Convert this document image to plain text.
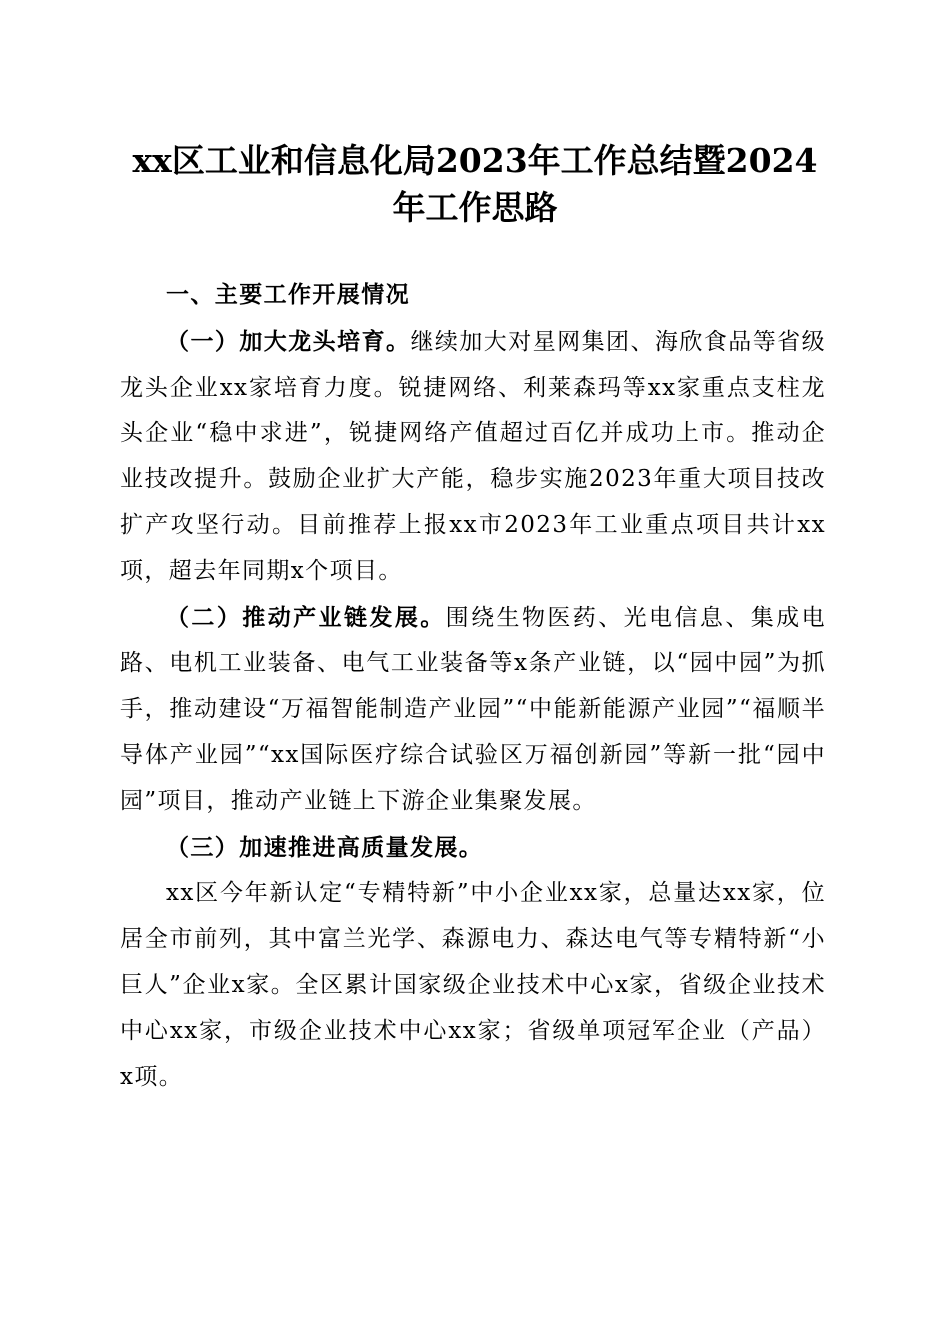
xx区工业和信息化局2023年工作总结暨2024
年工作思路

一、主要工作开展情况

（一）加大龙头培育。继续加大对星网集团、海欣食品等省级龙头企业xx家培育力度。锐捷网络、利莱森玛等xx家重点支柱龙头企业“稳中求进”，锐捷网络产值超过百亿并成功上市。推动企业技改提升。鼓励企业扩大产能，稳步实施2023年重大项目技改扩产攻坚行动。目前推荐上报xx市2023年工业重点项目共计xx项，超去年同期x个项目。

（二）推动产业链发展。围绕生物医药、光电信息、集成电路、电机工业装备、电气工业装备等x条产业链，以“园中园”为抓手，推动建设“万福智能制造产业园”“中能新能源产业园”“福顺半导体产业园”“xx国际医疗综合试验区万福创新园”等新一批“园中园”项目，推动产业链上下游企业集聚发展。

（三）加速推进高质量发展。

xx区今年新认定“专精特新”中小企业xx家，总量达xx家，位居全市前列，其中富兰光学、森源电力、森达电气等专精特新“小巨人”企业x家。全区累计国家级企业技术中心x家，省级企业技术中心xx家，市级企业技术中心xx家；省级单项冠军企业（产品）x项。
